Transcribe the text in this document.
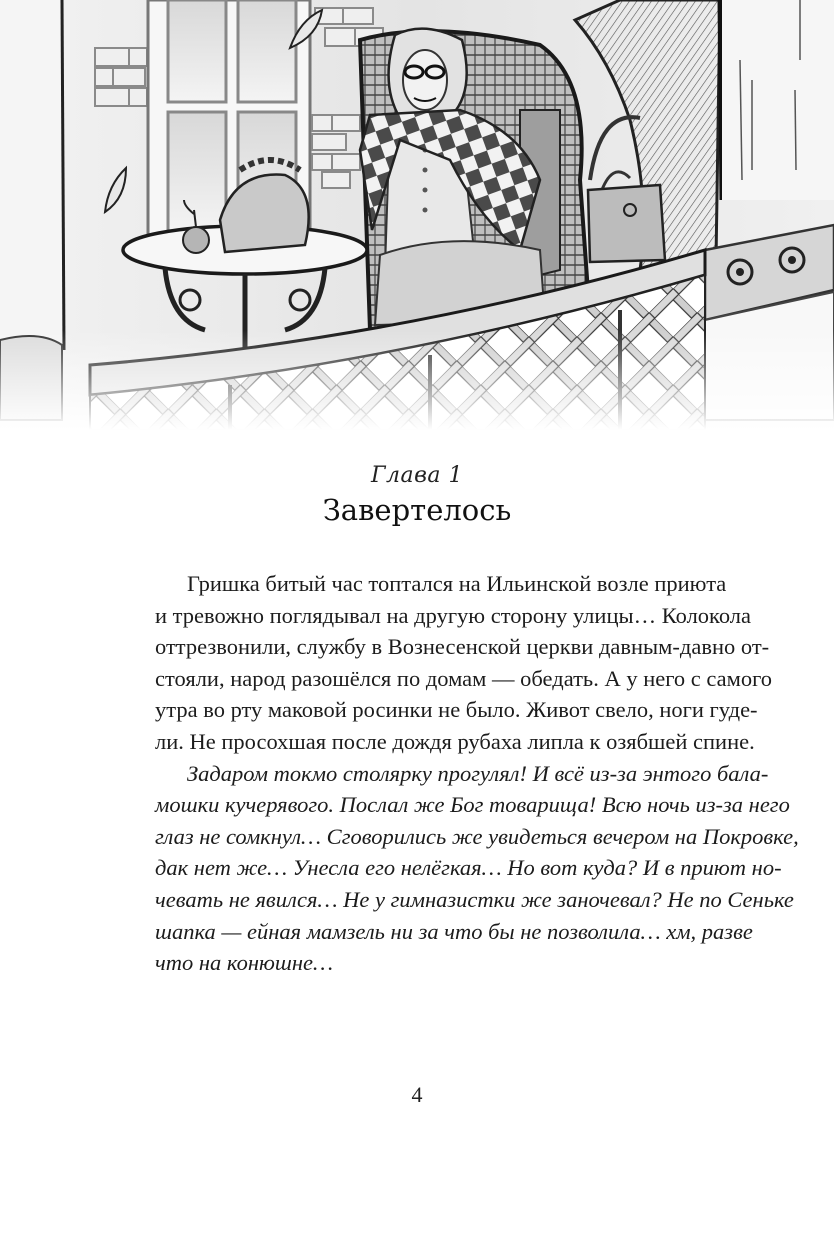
Глава 1
Завертелось
Гришка битый час топтался на Ильинской возле приюта
и тревожно поглядывал на другую сторону улицы… Колокола
оттрезвонили, службу в Вознесенской церкви давным-давно от-
стояли, народ разошёлся по домам — обедать. А у него с самого
утра во рту маковой росинки не было. Живот свело, ноги гуде-
ли. Не просохшая после дождя рубаха липла к озябшей спине.
Задаром токмо столярку прогулял! И всё из-за энтого бала-
мошки кучерявого. Послал же Бог товарища! Всю ночь из-за него
глаз не сомкнул… Сговорились же увидеться вечером на Покровке,
дак нет же… Унесла его нелёгкая… Но вот куда? И в приют но-
чевать не явился… Не у гимназистки же заночевал? Не по Сеньке
шапка — ейная мамзель ни за что бы не позволила… хм, разве
что на конюшне…
4
